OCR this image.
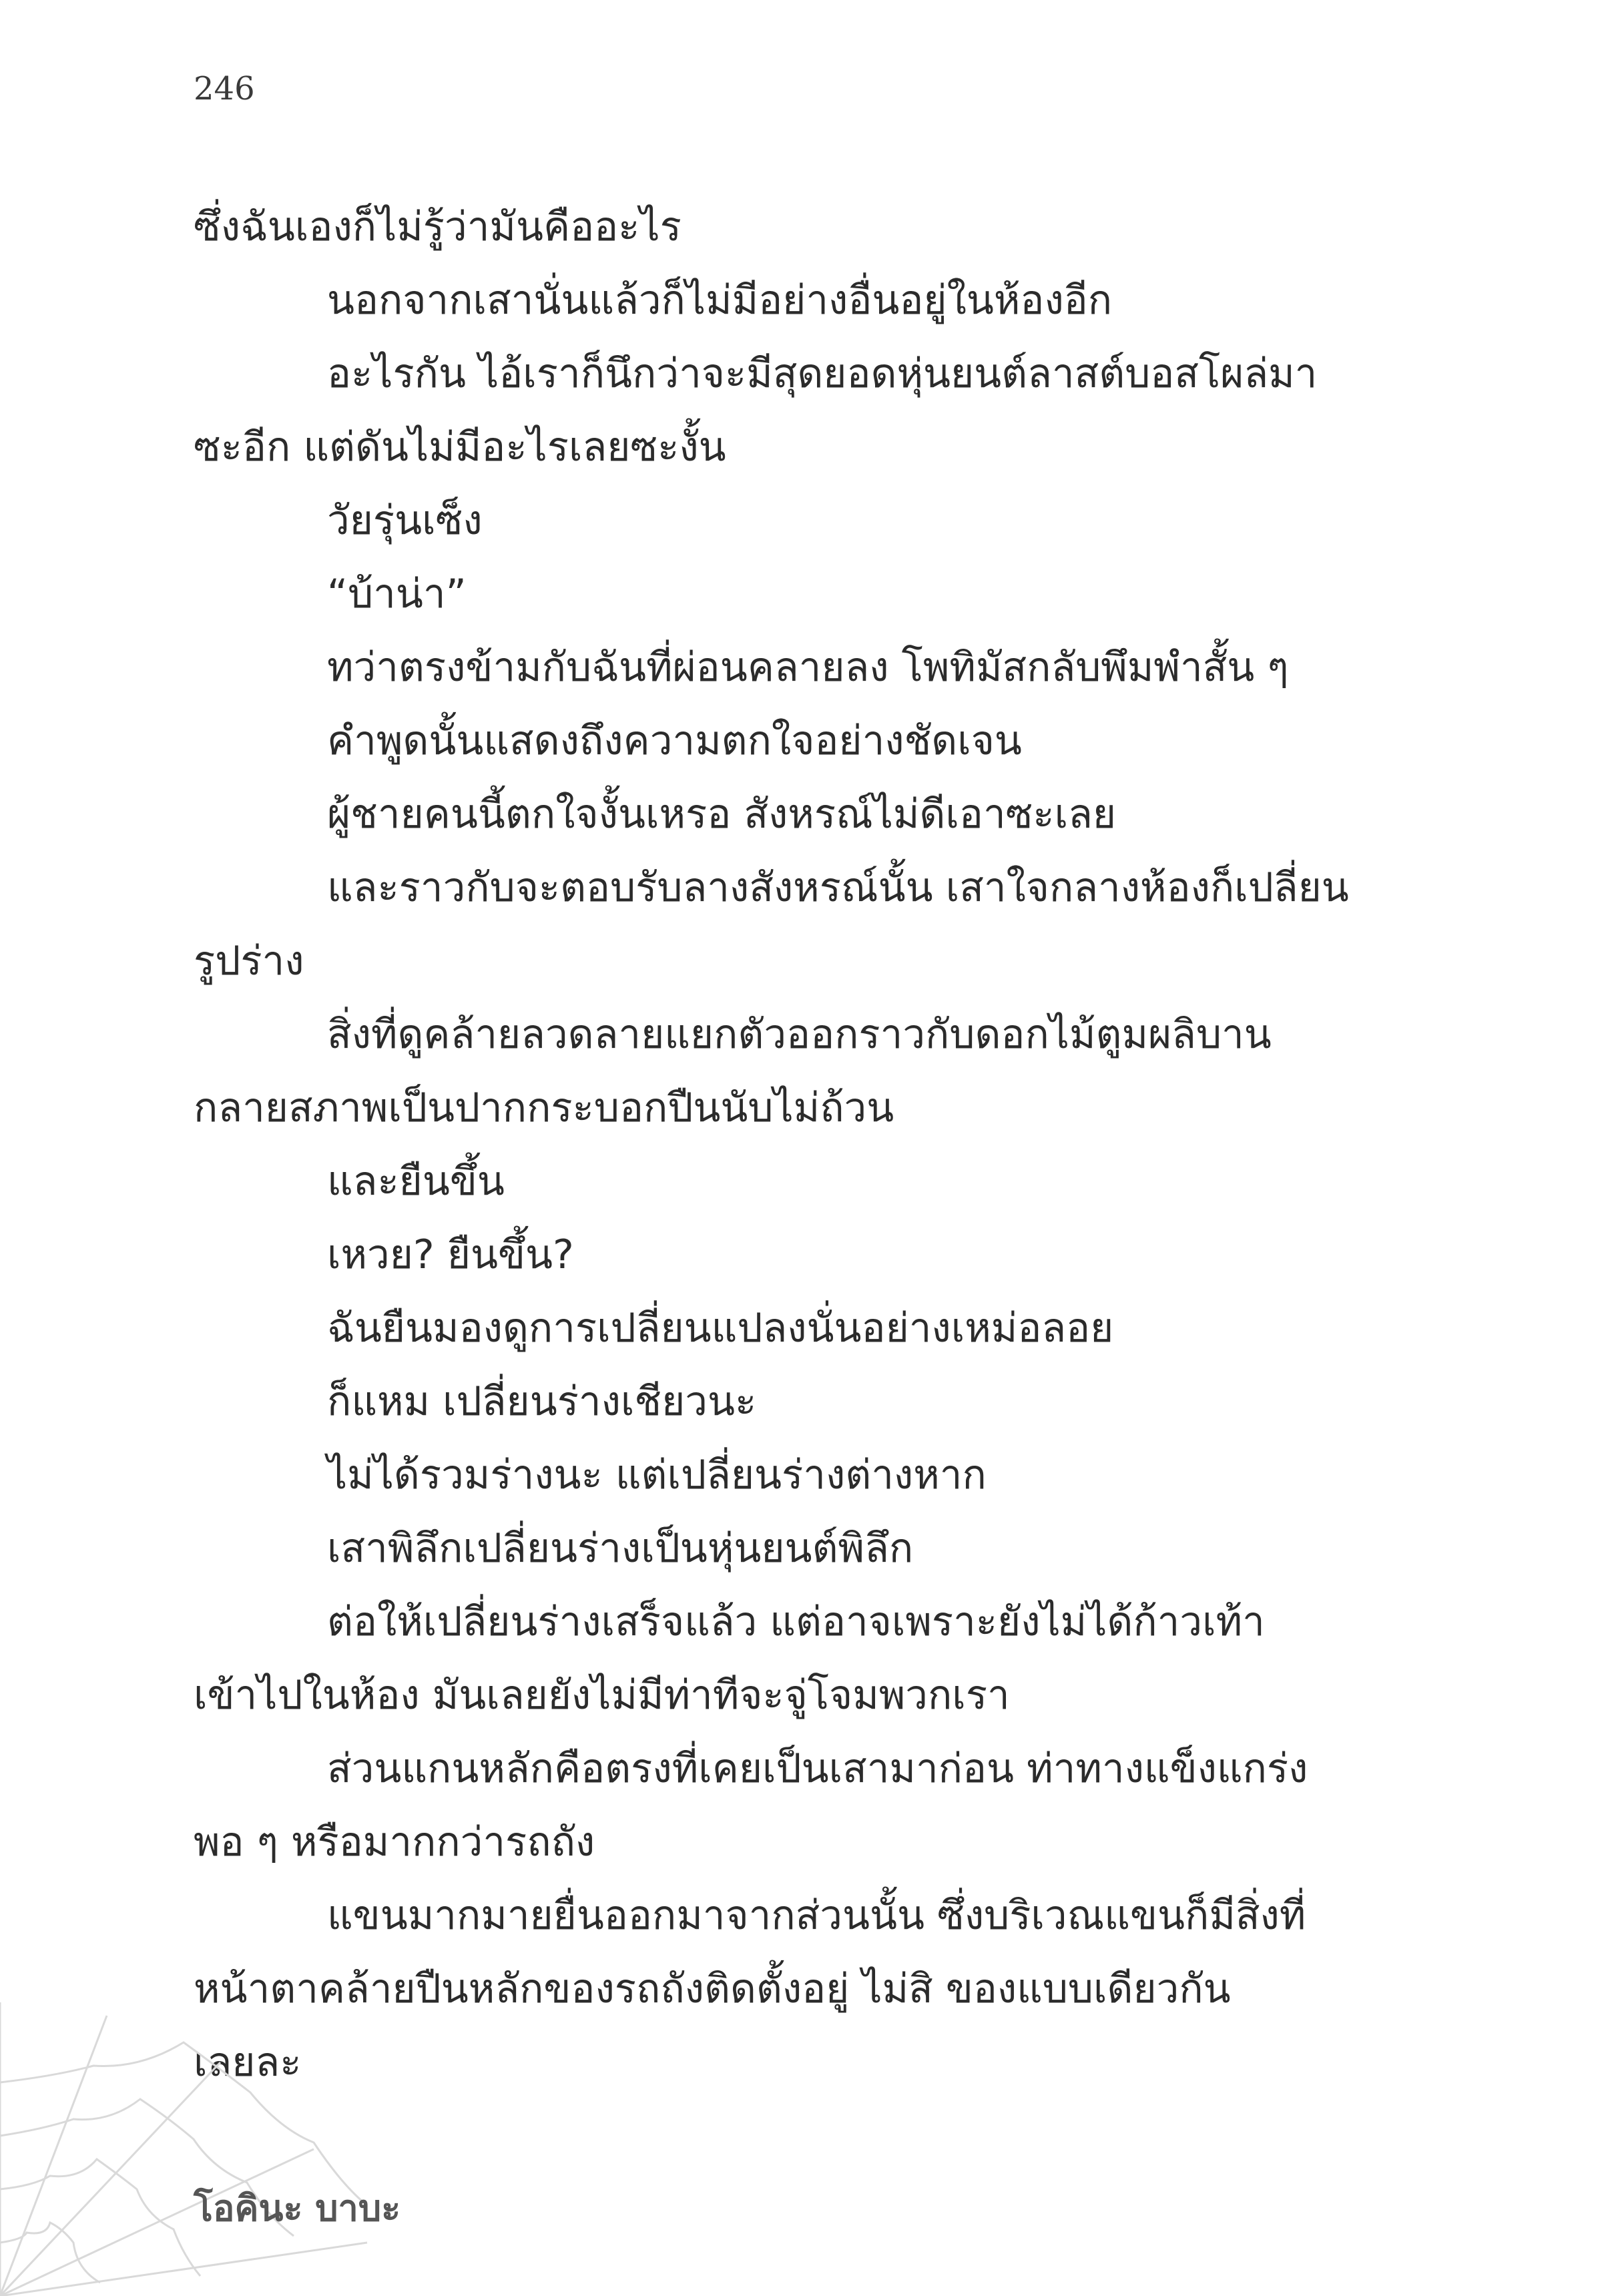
246
ซึ่งฉันเองก็ไม่รู้ว่ามันคืออะไร
นอกจากเสานั่นแล้วก็ไม่มีอย่างอื่นอยู่ในห้องอีก
อะไรกัน ไอ้เราก็นึกว่าจะมีสุดยอดหุ่นยนต์ลาสต์บอสโผล่มา
ซะอีก แต่ดันไม่มีอะไรเลยซะงั้น
วัยรุ่นเซ็ง
“บ้าน่า”
ทว่าตรงข้ามกับฉันที่ผ่อนคลายลง โพทิมัสกลับพึมพำสั้น ๆ
คำพูดนั้นแสดงถึงความตกใจอย่างชัดเจน
ผู้ชายคนนี้ตกใจงั้นเหรอ สังหรณ์ไม่ดีเอาซะเลย
และราวกับจะตอบรับลางสังหรณ์นั้น เสาใจกลางห้องก็เปลี่ยน
รูปร่าง
สิ่งที่ดูคล้ายลวดลายแยกตัวออกราวกับดอกไม้ตูมผลิบาน
กลายสภาพเป็นปากกระบอกปืนนับไม่ถ้วน
และยืนขึ้น
เหวย? ยืนขึ้น?
ฉันยืนมองดูการเปลี่ยนแปลงนั่นอย่างเหม่อลอย
ก็แหม เปลี่ยนร่างเชียวนะ
ไม่ได้รวมร่างนะ แต่เปลี่ยนร่างต่างหาก
เสาพิลึกเปลี่ยนร่างเป็นหุ่นยนต์พิลึก
ต่อให้เปลี่ยนร่างเสร็จแล้ว แต่อาจเพราะยังไม่ได้ก้าวเท้า
เข้าไปในห้อง มันเลยยังไม่มีท่าทีจะจู่โจมพวกเรา
ส่วนแกนหลักคือตรงที่เคยเป็นเสามาก่อน ท่าทางแข็งแกร่ง
พอ ๆ หรือมากกว่ารถถัง
แขนมากมายยื่นออกมาจากส่วนนั้น ซึ่งบริเวณแขนก็มีสิ่งที่
หน้าตาคล้ายปืนหลักของรถถังติดตั้งอยู่ ไม่สิ ของแบบเดียวกัน
เลยละ
โอคินะ บาบะ
